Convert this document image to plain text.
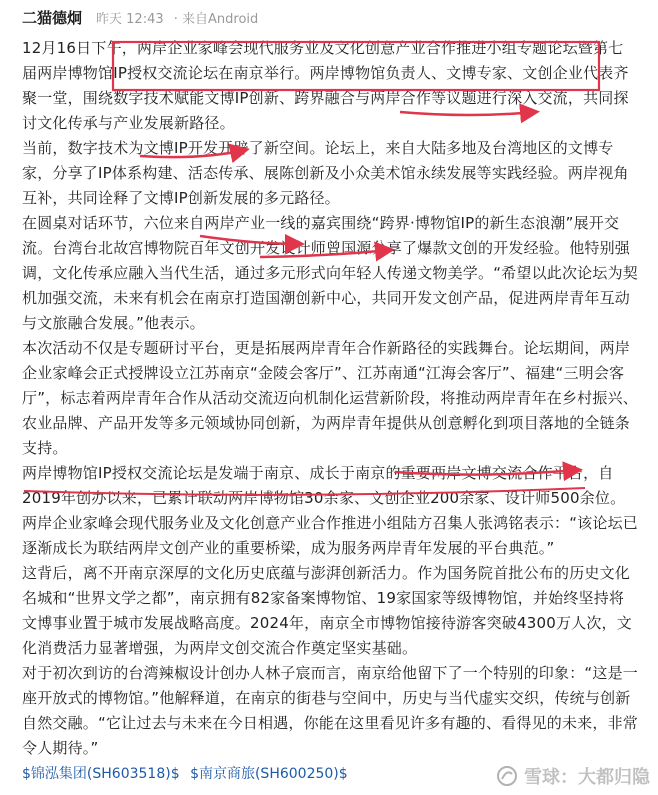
二猫德炯 昨天 12:43 · 来自Android

12月16日下午，两岸企业家峰会现代服务业及文化创意产业合作推进小组专题论坛暨第七届两岸博物馆IP授权交流论坛在南京举行。两岸博物馆负责人、文博专家、文创企业代表齐聚一堂，围绕数字技术赋能文博IP创新、跨界融合与两岸合作等议题进行深入交流，共同探讨文化传承与产业发展新路径。

当前，数字技术为文博IP开发开辟了新空间。论坛上，来自大陆多地及台湾地区的文博专家，分享了IP体系构建、活态传承、展陈创新及小众美术馆永续发展等实践经验。两岸视角互补，共同诠释了文博IP创新发展的多元路径。

在圆桌对话环节，六位来自两岸产业一线的嘉宾围绕“跨界·博物馆IP的新生态浪潮”展开交流。台湾台北故宫博物院百年文创开发设计师曾国源分享了爆款文创的开发经验。他特别强调，文化传承应融入当代生活，通过多元形式向年轻人传递文物美学。“希望以此次论坛为契机加强交流，未来有机会在南京打造国潮创新中心，共同开发文创产品，促进两岸青年互动与文旅融合发展。”他表示。

本次活动不仅是专题研讨平台，更是拓展两岸青年合作新路径的实践舞台。论坛期间，两岸企业家峰会正式授牌设立江苏南京“金陵会客厅”、江苏南通“江海会客厅”、福建“三明会客厅”，标志着两岸青年合作从活动交流迈向机制化运营新阶段，将推动两岸青年在乡村振兴、农业品牌、产品开发等多元领域协同创新，为两岸青年提供从创意孵化到项目落地的全链条支持。

两岸博物馆IP授权交流论坛是发端于南京、成长于南京的重要两岸文博交流合作平台，自2019年创办以来，已累计联动两岸博物馆30余家、文创企业200余家、设计师500余位。两岸企业家峰会现代服务业及文化创意产业合作推进小组陆方召集人张鸿铭表示：“该论坛已逐渐成长为联结两岸文创产业的重要桥梁，成为服务两岸青年发展的平台典范。”

这背后，离不开南京深厚的文化历史底蕴与澎湃创新活力。作为国务院首批公布的历史文化名城和“世界文学之都”，南京拥有82家备案博物馆、19家国家等级博物馆，并始终坚持将文博事业置于城市发展战略高度。2024年，南京全市博物馆接待游客突破4300万人次，文化消费活力显著增强，为两岸文创交流合作奠定坚实基础。

对于初次到访的台湾辣椒设计创办人林子宸而言，南京给他留下了一个特别的印象：“这是一座开放式的博物馆。”他解释道，在南京的街巷与空间中，历史与当代虚实交织，传统与创新自然交融。“它让过去与未来在今日相遇，你能在这里看见许多有趣的、看得见的未来，非常令人期待。”

$锦泓集团(SH603518)$ $南京商旅(SH600250)$	雪球：大都归隐
